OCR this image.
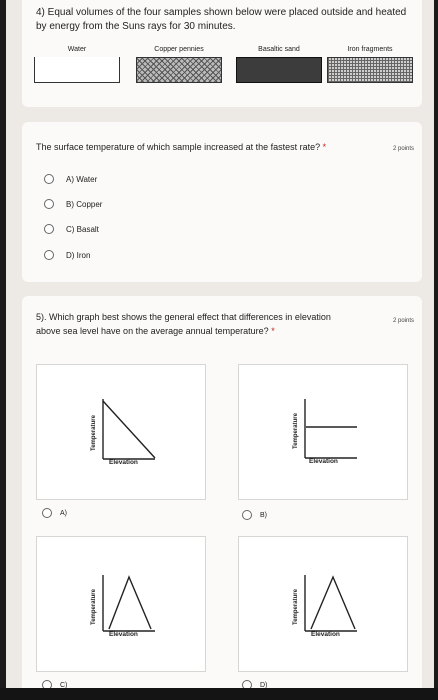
4) Equal volumes of the four samples shown below were placed outside and heated by energy from the Suns rays for 30 minutes.
Water	Copper pennies	Basaltic sand	Iron fragments
The surface temperature of which sample increased at the fastest rate? *	2 points
A) Water
B) Copper
C) Basalt
D) Iron
5). Which graph best shows the general effect that differences in elevation above sea level have on the average annual temperature? *
2 points
Temperature
Elevation
Temperature
Elevation
A)	B)
Temperature
Elevation
Temperature
Elevation
C)	D)
